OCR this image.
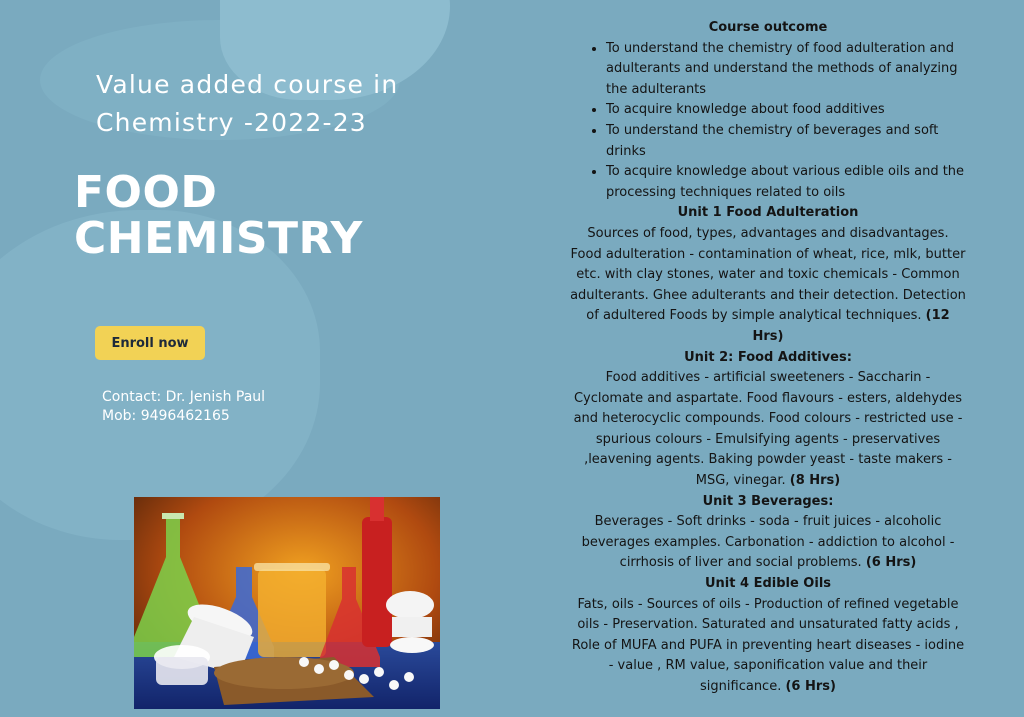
Value added course in
Chemistry -2022-23
FOOD
CHEMISTRY
Enroll now
Contact: Dr. Jenish Paul
Mob: 9496462165
Course outcome
• To understand the chemistry of food adulteration and adulterants and understand the methods of analyzing the adulterants
• To acquire knowledge about food additives
• To understand the chemistry of beverages and soft drinks
• To acquire knowledge about various edible oils and the processing techniques related to oils
Unit 1 Food Adulteration

Sources of food, types, advantages and disadvantages. Food adulteration - contamination of wheat, rice, mlk, butter etc. with clay stones, water and toxic chemicals - Common adulterants. Ghee adulterants and their detection. Detection of adultered Foods by simple analytical techniques. (12 Hrs)

Unit 2: Food Additives:

Food additives - artificial sweeteners - Saccharin - Cyclomate and aspartate. Food flavours - esters, aldehydes and heterocyclic compounds. Food colours - restricted use - spurious colours - Emulsifying agents - preservatives ,leavening agents. Baking powder yeast - taste makers - MSG, vinegar. (8 Hrs)

Unit 3 Beverages:

Beverages - Soft drinks - soda - fruit juices - alcoholic beverages examples. Carbonation - addiction to alcohol - cirrhosis of liver and social problems. (6 Hrs)

Unit 4 Edible Oils

Fats, oils - Sources of oils - Production of refined vegetable oils - Preservation. Saturated and unsaturated fatty acids , Role of MUFA and PUFA in preventing heart diseases - iodine - value , RM value, saponification value and their significance. (6 Hrs)
